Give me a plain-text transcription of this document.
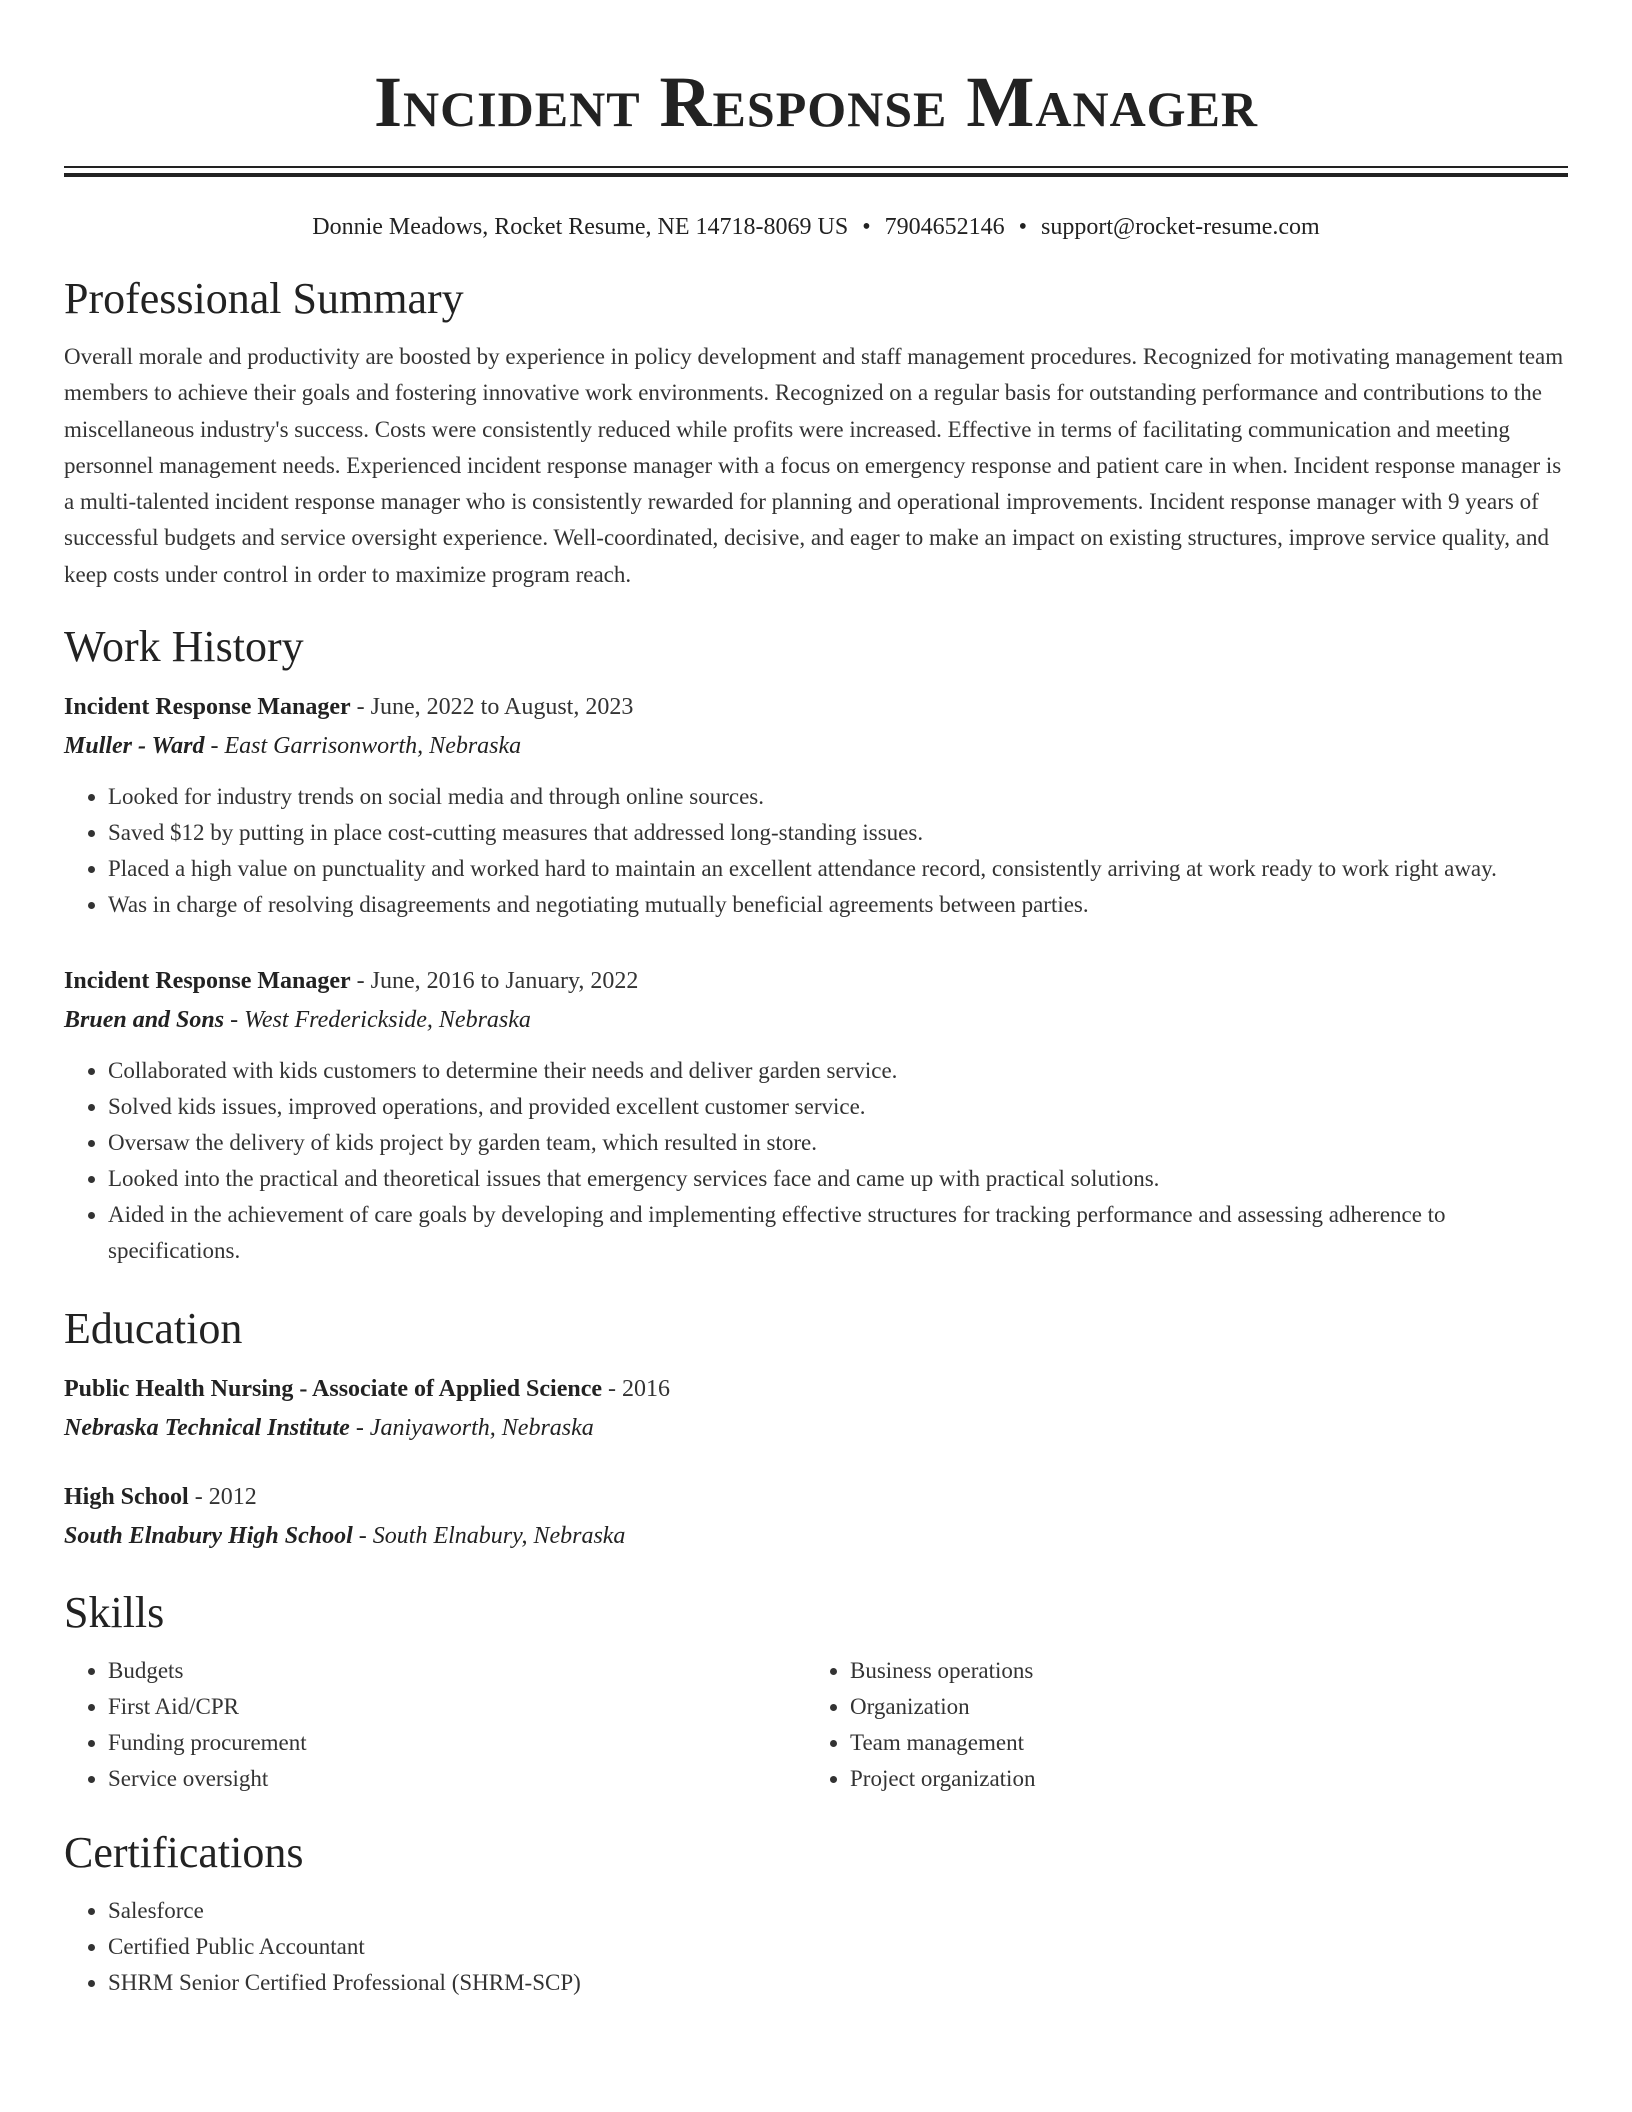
Incident Response Manager
Donnie Meadows, Rocket Resume, NE 14718-8069 US • 7904652146 • support@rocket-resume.com
Professional Summary

Overall morale and productivity are boosted by experience in policy development and staff management procedures. Recognized for motivating management team members to achieve their goals and fostering innovative work environments. Recognized on a regular basis for outstanding performance and contributions to the miscellaneous industry's success. Costs were consistently reduced while profits were increased. Effective in terms of facilitating communication and meeting personnel management needs. Experienced incident response manager with a focus on emergency response and patient care in when. Incident response manager is a multi-talented incident response manager who is consistently rewarded for planning and operational improvements. Incident response manager with 9 years of successful budgets and service oversight experience. Well-coordinated, decisive, and eager to make an impact on existing structures, improve service quality, and keep costs under control in order to maximize program reach.

Work History
Incident Response Manager - June, 2022 to August, 2023
Muller - Ward - East Garrisonworth, Nebraska
• Looked for industry trends on social media and through online sources.
• Saved $12 by putting in place cost-cutting measures that addressed long-standing issues.
• Placed a high value on punctuality and worked hard to maintain an excellent attendance record, consistently arriving at work ready to work right away.
• Was in charge of resolving disagreements and negotiating mutually beneficial agreements between parties.
Incident Response Manager - June, 2016 to January, 2022
Bruen and Sons - West Frederickside, Nebraska
• Collaborated with kids customers to determine their needs and deliver garden service.
• Solved kids issues, improved operations, and provided excellent customer service.
• Oversaw the delivery of kids project by garden team, which resulted in store.
• Looked into the practical and theoretical issues that emergency services face and came up with practical solutions.
• Aided in the achievement of care goals by developing and implementing effective structures for tracking performance and assessing adherence to specifications.
Education
Public Health Nursing - Associate of Applied Science - 2016
Nebraska Technical Institute - Janiyaworth, Nebraska
High School - 2012
South Elnabury High School - South Elnabury, Nebraska
Skills
• Budgets
• First Aid/CPR
• Funding procurement
• Service oversight
• Business operations
• Organization
• Team management
• Project organization
Certifications
• Salesforce
• Certified Public Accountant
• SHRM Senior Certified Professional (SHRM-SCP)
